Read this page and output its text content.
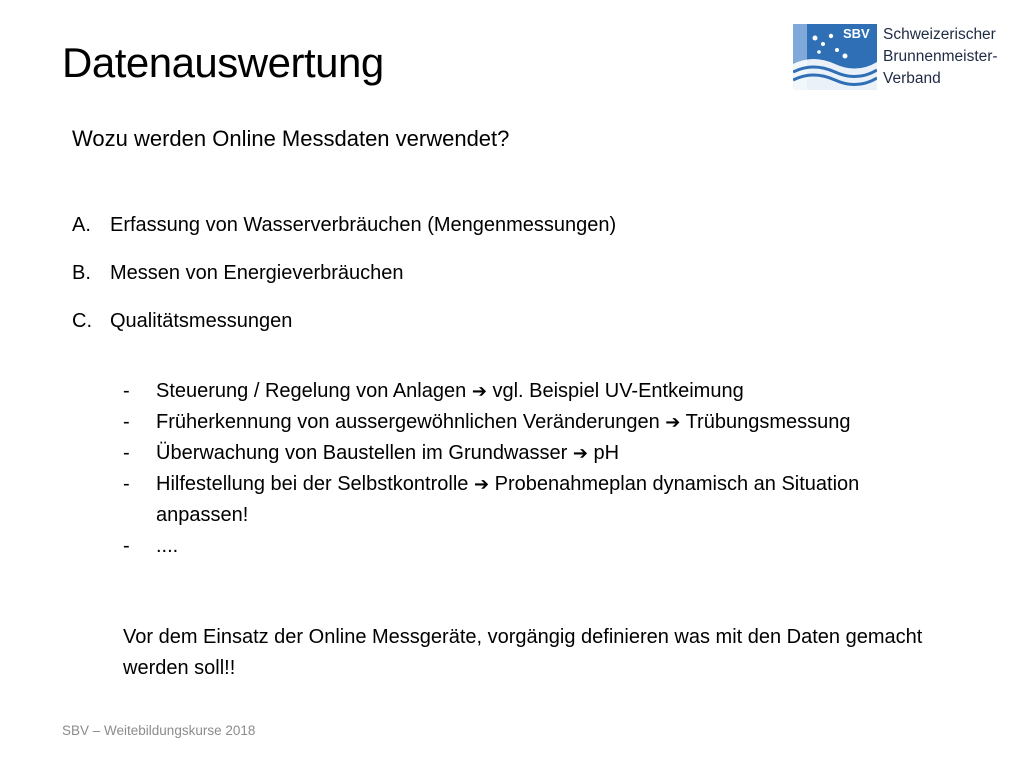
Datenauswertung
SBV Schweizerischer
Brunnenmeister-
Verband
Wozu werden Online Messdaten verwendet?
A. Erfassung von Wasserverbräuchen (Mengenmessungen)
B. Messen von Energieverbräuchen
C. Qualitätsmessungen
-	Steuerung / Regelung von Anlagen ➔ vgl. Beispiel UV-Entkeimung
-	Früherkennung von aussergewöhnlichen Veränderungen ➔ Trübungsmessung
-	Überwachung von Baustellen im Grundwasser ➔ pH
-	Hilfestellung bei der Selbstkontrolle ➔ Probenahmeplan dynamisch an Situation anpassen!
-	....
Vor dem Einsatz der Online Messgeräte, vorgängig definieren was mit den Daten gemacht werden soll!!
SBV – Weitebildungskurse 2018
